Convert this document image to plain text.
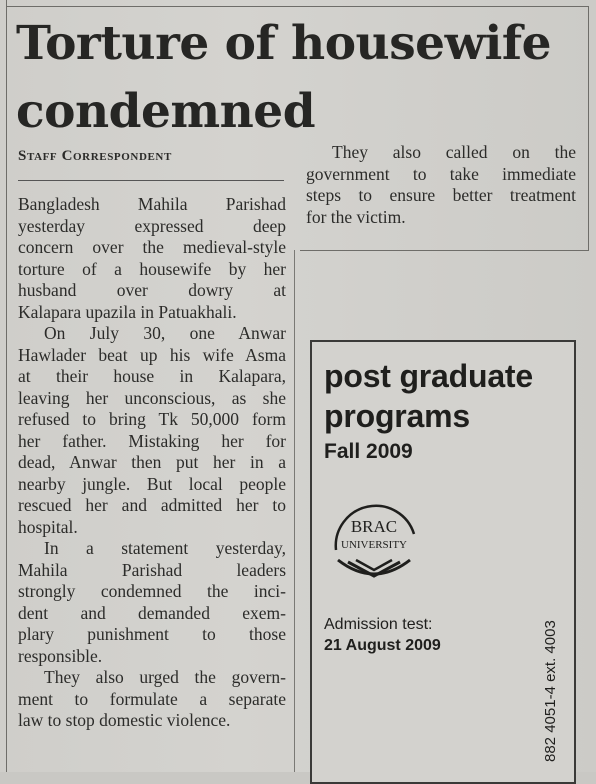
Torture of housewife
condemned
Staff Correspondent
Bangladesh Mahila Parishad
yesterday expressed deep
concern over the medieval-style
torture of a housewife by her
husband over dowry at
Kalapara upazila in Patuakhali.
On July 30, one Anwar
Hawlader beat up his wife Asma
at their house in Kalapara,
leaving her unconscious, as she
refused to bring Tk 50,000 form
her father. Mistaking her for
dead, Anwar then put her in a
nearby jungle. But local people
rescued her and admitted her to
hospital.
In a statement yesterday,
Mahila Parishad leaders
strongly condemned the inci-
dent and demanded exem-
plary punishment to those
responsible.
They also urged the govern-
ment to formulate a separate
law to stop domestic violence.
They also called on the
government to take immediate
steps to ensure better treatment
for the victim.
post graduate
programs
Fall 2009
BRAC
UNIVERSITY
Admission test:
21 August 2009	882 4051-4 ext. 4003
